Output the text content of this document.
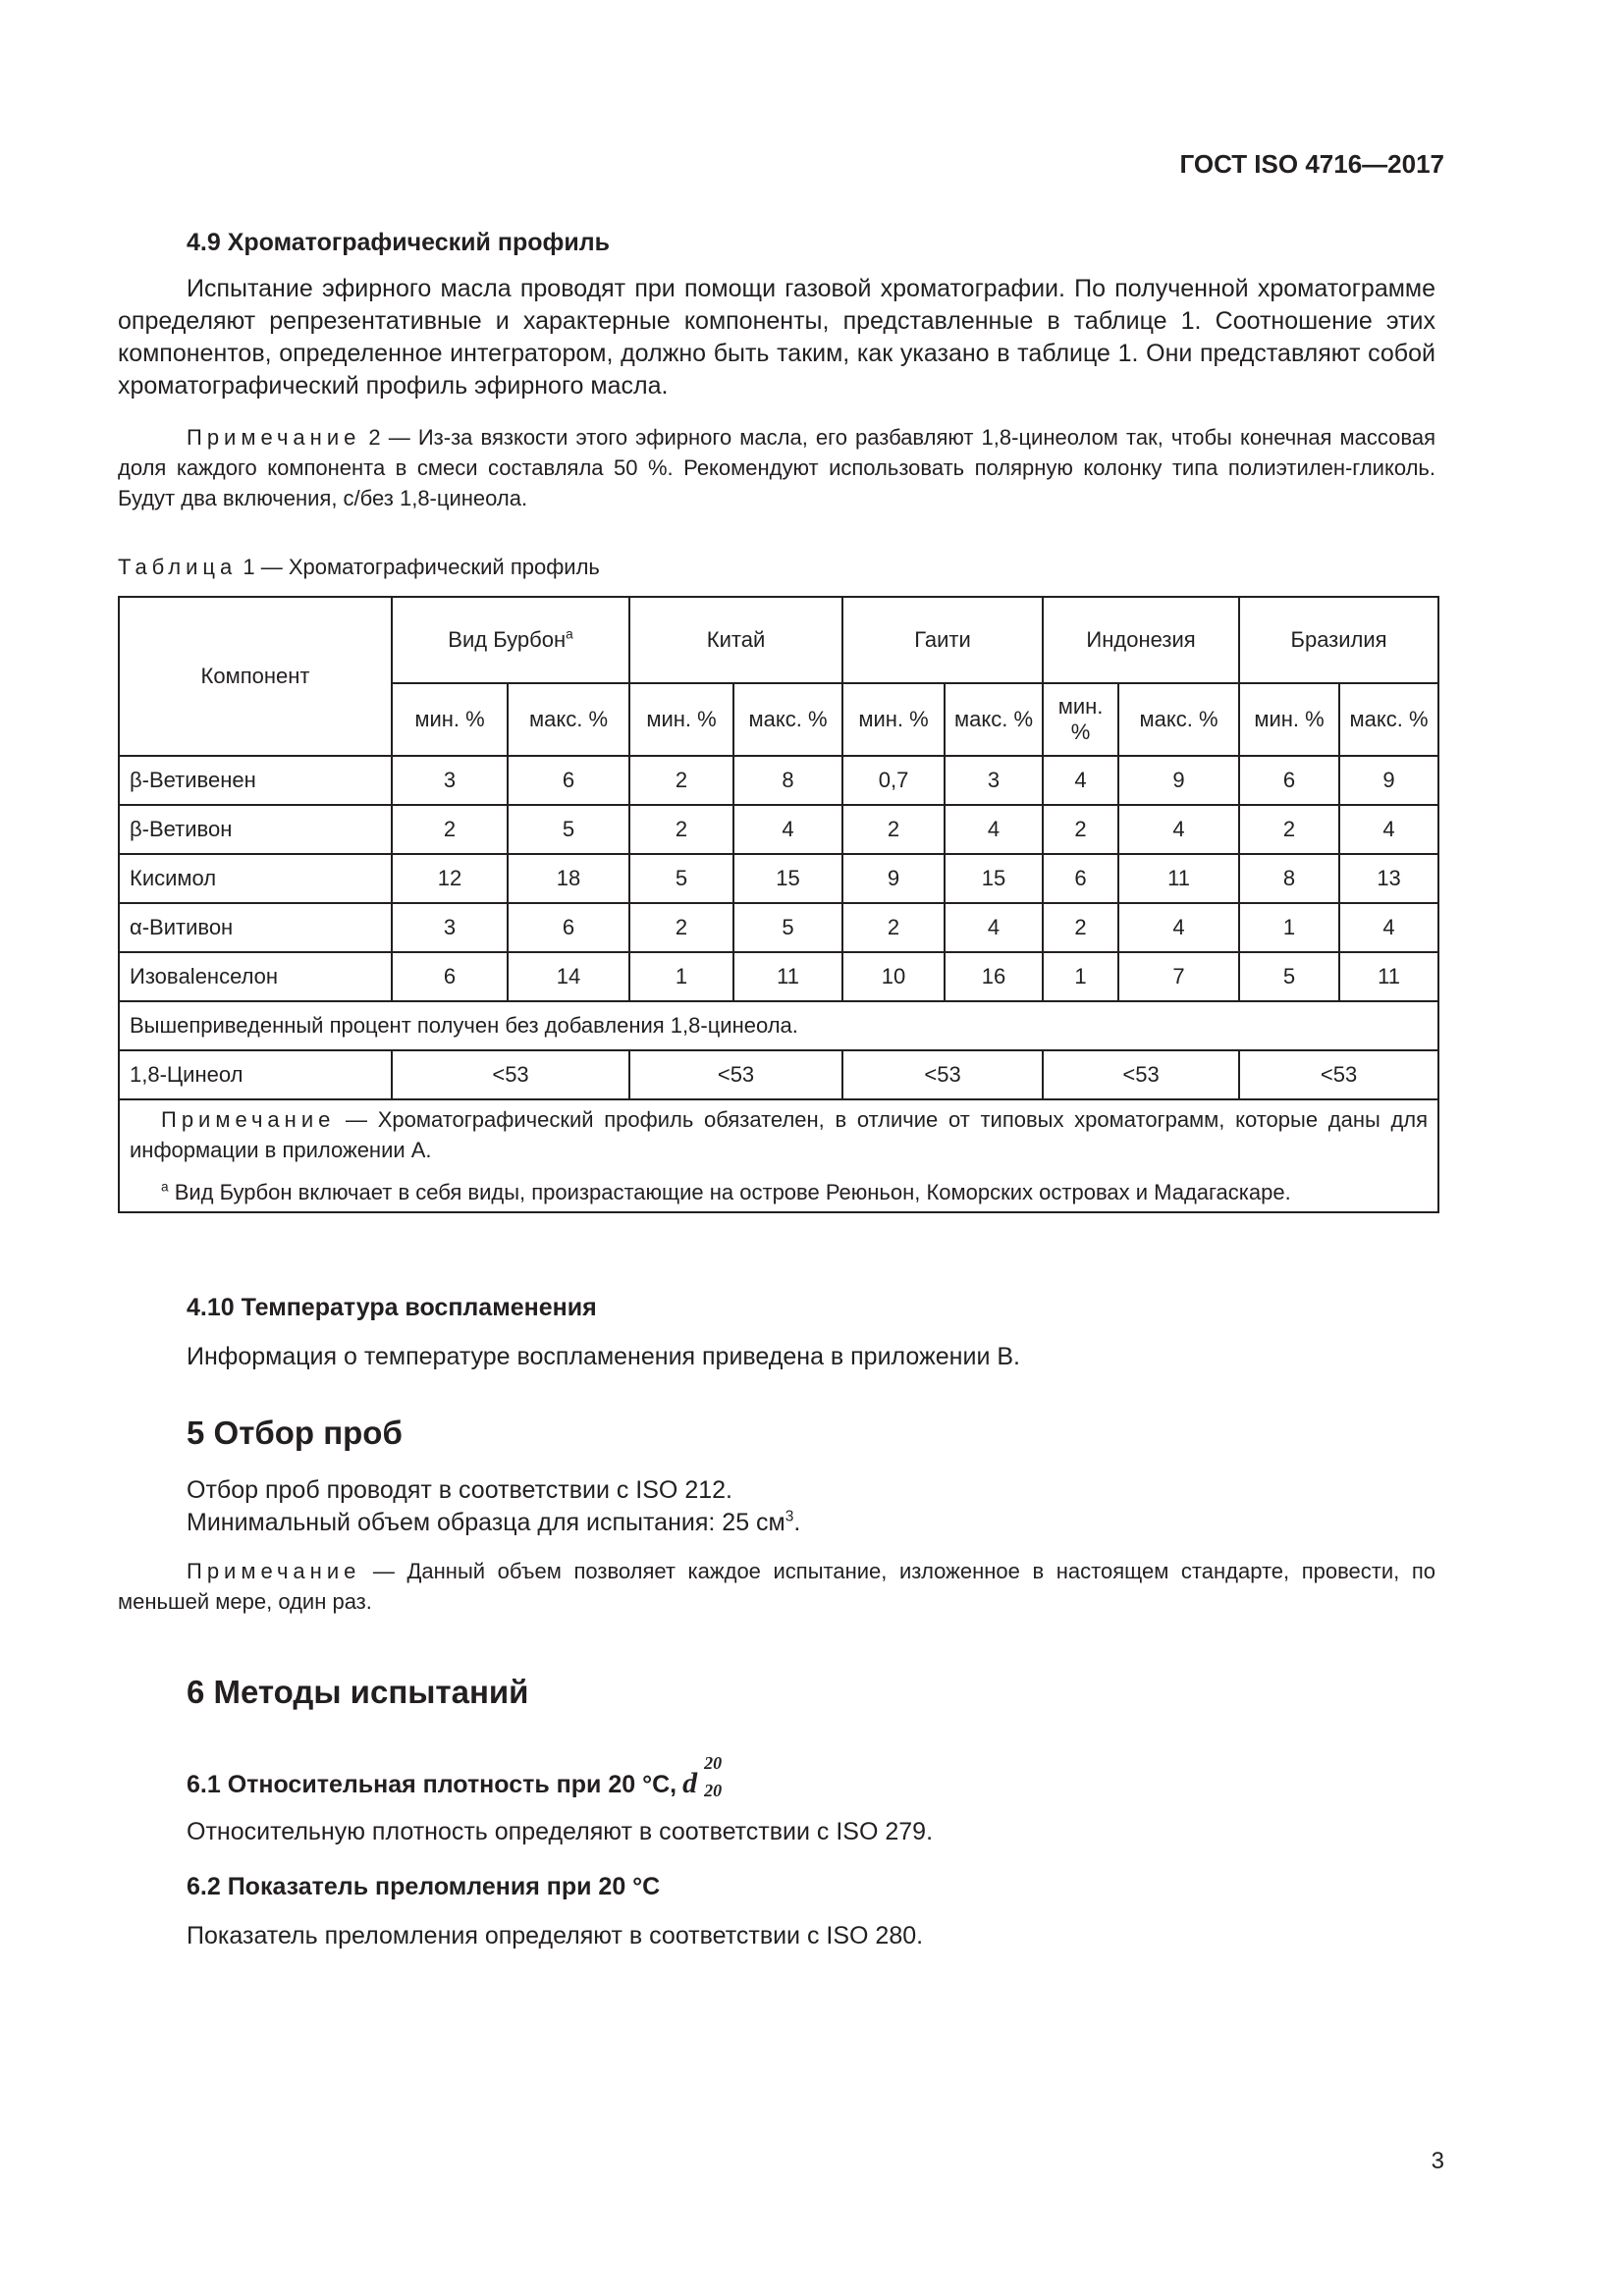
ГОСТ ISO 4716—2017
4.9 Хроматографический профиль
Испытание эфирного масла проводят при помощи газовой хроматографии. По полученной хроматограмме определяют репрезентативные и характерные компоненты, представленные в таблице 1. Соотношение этих компонентов, определенное интегратором, должно быть таким, как указано в таблице 1. Они представляют собой хроматографический профиль эфирного масла.
Примечание 2 — Из-за вязкости этого эфирного масла, его разбавляют 1,8-цинеолом так, чтобы конечная массовая доля каждого компонента в смеси составляла 50 %. Рекомендуют использовать полярную колонку типа полиэтилен-гликоль. Будут два включения, с/без 1,8-цинеола.
Таблица 1 — Хроматографический профиль
Компонент	Вид Бурбон$^a$		Китай		Гаити		Индонезия		Бразилия	
	мин. %	макс. %	мин. %	макс. %	мин. %	макс. %	мин. %	макс. %	мин. %	макс. %
β-Ветивенен	3	6	2	8	0,7	3	4	9	6	9
β-Ветивон	2	5	2	4	2	4	2	4	2	4
Кисимол	12	18	5	15	9	15	6	11	8	13
α-Витивон	3	6	2	5	2	4	2	4	1	4
Изовalенселон	6	14	1	11	10	16	1	7	5	11
Вышеприведенный процент получен без добавления 1,8-цинеола.										
1,8-Цинеол	<53		<53		<53		<53		<53	

Примечание — Хроматографический профиль обязателен, в отличие от типовых хроматограмм, которые даны для информации в приложении А.
$^a$ Вид Бурбон включает в себя виды, произрастающие на острове Реюньон, Коморских островах и Мадагаскаре.										
4.10 Температура воспламенения
Информация о температуре воспламенения приведена в приложении В.
5 Отбор проб
Отбор проб проводят в соответствии с ISO 212.
Минимальный объем образца для испытания: 25 $см^3$.
Примечание — Данный объем позволяет каждое испытание, изложенное в настоящем стандарте, провести, по меньшей мере, один раз.
6 Методы испытаний
6.1 Относительная плотность при 20 °С, d
20
20
Относительную плотность определяют в соответствии с ISO 279.
6.2 Показатель преломления при 20 °С
Показатель преломления определяют в соответствии с ISO 280.
3
